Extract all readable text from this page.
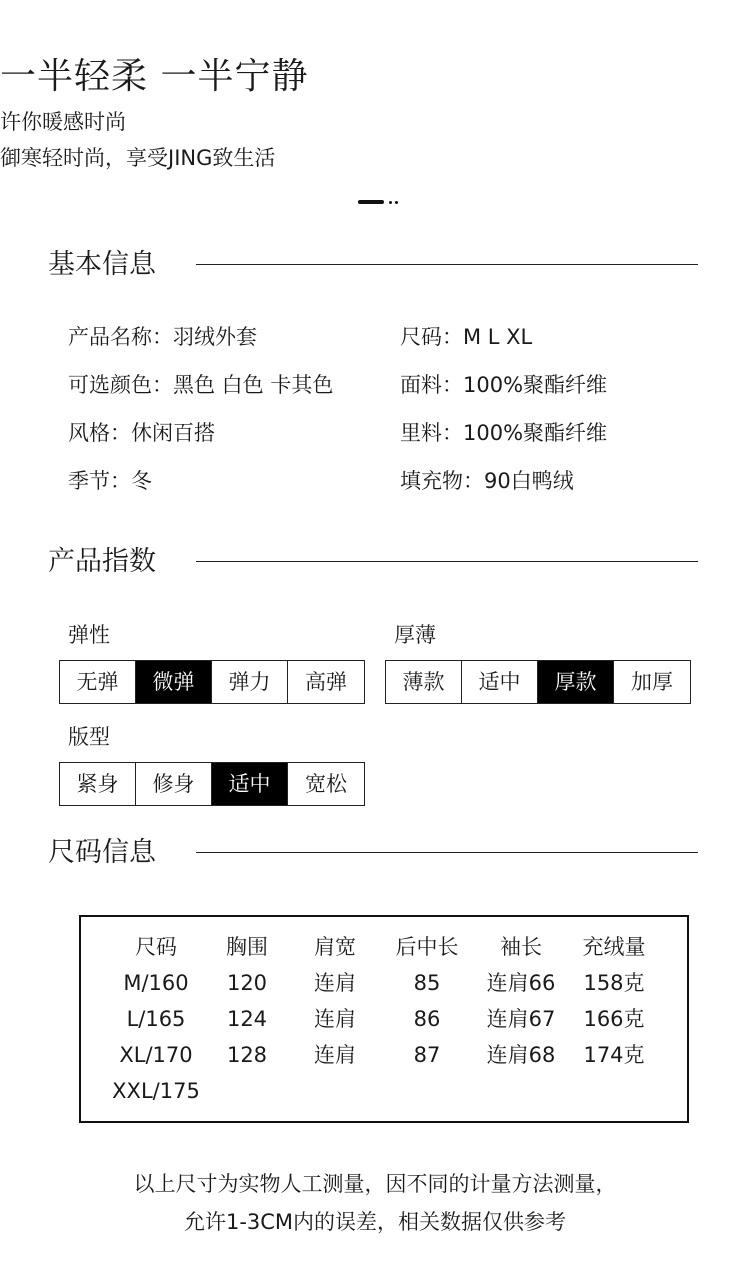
一半轻柔 一半宁静
许你暖感时尚
御寒轻时尚，享受JING致生活
基本信息
产品名称：羽绒外套
可选颜色：黑色 白色 卡其色
风格：休闲百搭
季节：冬
尺码：M L XL
面料：100%聚酯纤维
里料：100%聚酯纤维
填充物：90白鸭绒
产品指数
弹性
无弹	微弹	弹力	高弹
厚薄
薄款	适中	厚款	加厚
版型
紧身	修身	适中	宽松
尺码信息
尺码	胸围	肩宽	后中长	袖长	充绒量
M/160	120	连肩	85	连肩66	158克
L/165	124	连肩	86	连肩67	166克
XL/170	128	连肩	87	连肩68	174克
XXL/175
以上尺寸为实物人工测量，因不同的计量方法测量，
允许1-3CM内的误差，相关数据仅供参考
